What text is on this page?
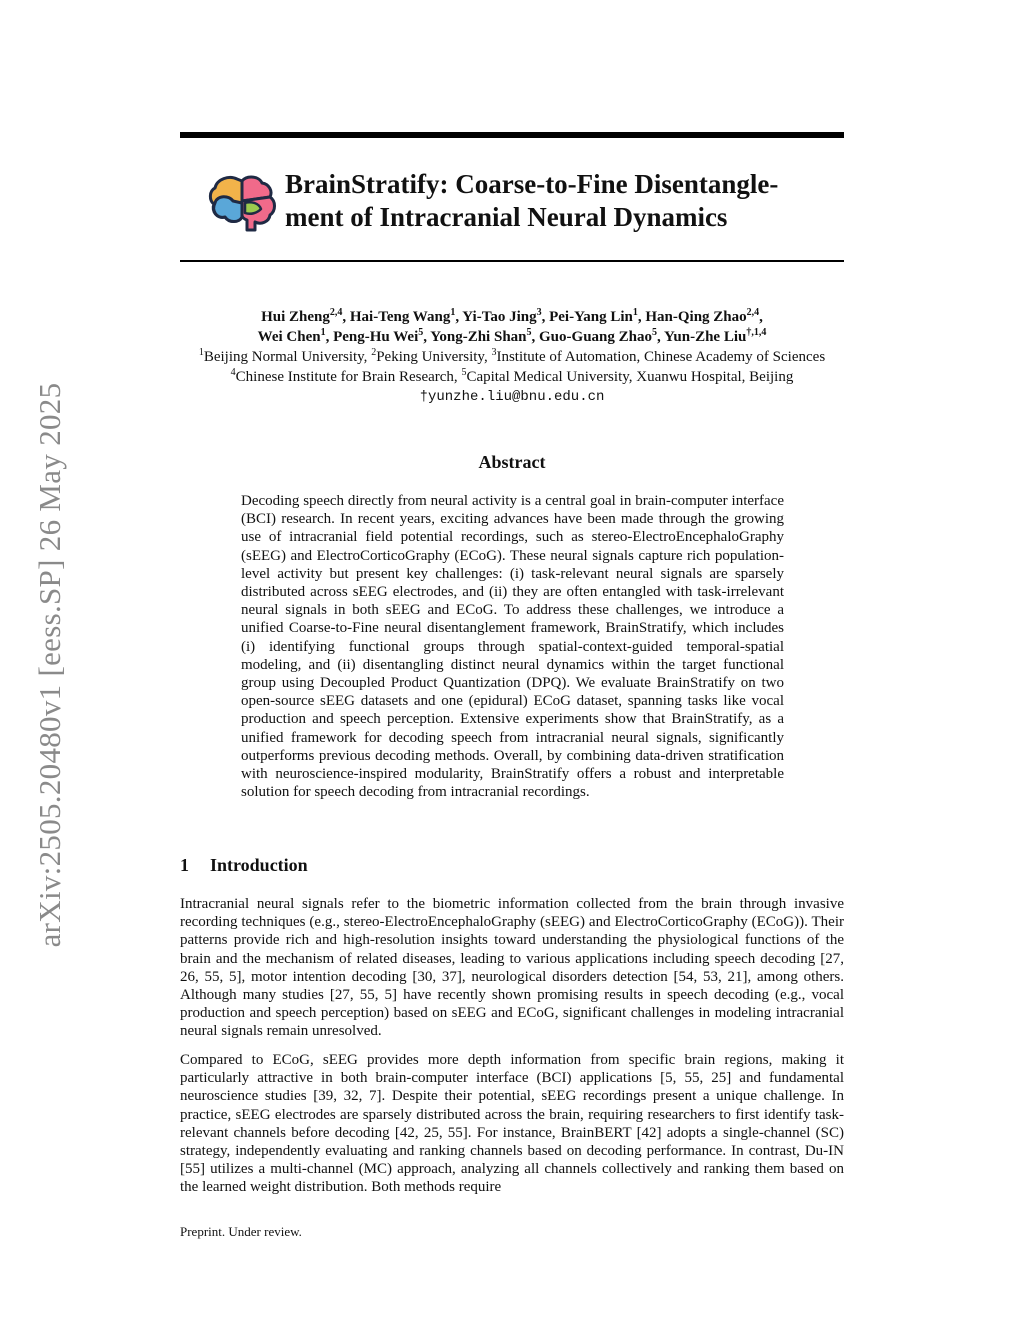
arXiv:2505.20480v1 [eess.SP] 26 May 2025
BrainStratify: Coarse-to-Fine Disentangle-
ment of Intracranial Neural Dynamics
Hui Zheng$^{2,4}$, Hai-Teng Wang$^1$, Yi-Tao Jing$^3$, Pei-Yang Lin$^1$, Han-Qing Zhao$^{2,4}$,
Wei Chen$^1$, Peng-Hu Wei$^5$, Yong-Zhi Shan$^5$, Guo-Guang Zhao$^5$, Yun-Zhe Liu$^{\dagger,1,4}$
$^1$Beijing Normal University, $^2$Peking University, $^3$Institute of Automation, Chinese Academy of Sciences
$^4$Chinese Institute for Brain Research, $^5$Capital Medical University, Xuanwu Hospital, Beijing
†yunzhe.liu@bnu.edu.cn
Abstract
Decoding speech directly from neural activity is a central goal in brain-computer interface (BCI) research. In recent years, exciting advances have been made through the growing use of intracranial field potential recordings, such as stereo-ElectroEncephaloGraphy (sEEG) and ElectroCorticoGraphy (ECoG). These neural signals capture rich population-level activity but present key challenges: (i) task-relevant neural signals are sparsely distributed across sEEG electrodes, and (ii) they are often entangled with task-irrelevant neural signals in both sEEG and ECoG. To address these challenges, we introduce a unified Coarse-to-Fine neural disentanglement framework, BrainStratify, which includes (i) identifying functional groups through spatial-context-guided temporal-spatial modeling, and (ii) disentangling distinct neural dynamics within the target functional group using Decoupled Product Quantization (DPQ). We evaluate BrainStratify on two open-source sEEG datasets and one (epidural) ECoG dataset, spanning tasks like vocal production and speech perception. Extensive experiments show that BrainStratify, as a unified framework for decoding speech from intracranial neural signals, significantly outperforms previous decoding methods. Overall, by combining data-driven stratification with neuroscience-inspired modularity, BrainStratify offers a robust and interpretable solution for speech decoding from intracranial recordings.
1 Introduction
Intracranial neural signals refer to the biometric information collected from the brain through invasive recording techniques (e.g., stereo-ElectroEncephaloGraphy (sEEG) and ElectroCorticoGraphy (ECoG)). Their patterns provide rich and high-resolution insights toward understanding the physiological functions of the brain and the mechanism of related diseases, leading to various applications including speech decoding [27, 26, 55, 5], motor intention decoding [30, 37], neurological disorders detection [54, 53, 21], among others. Although many studies [27, 55, 5] have recently shown promising results in speech decoding (e.g., vocal production and speech perception) based on sEEG and ECoG, significant challenges in modeling intracranial neural signals remain unresolved.
Compared to ECoG, sEEG provides more depth information from specific brain regions, making it particularly attractive in both brain-computer interface (BCI) applications [5, 55, 25] and fundamental neuroscience studies [39, 32, 7]. Despite their potential, sEEG recordings present a unique challenge. In practice, sEEG electrodes are sparsely distributed across the brain, requiring researchers to first identify task-relevant channels before decoding [42, 25, 55]. For instance, BrainBERT [42] adopts a single-channel (SC) strategy, independently evaluating and ranking channels based on decoding performance. In contrast, Du-IN [55] utilizes a multi-channel (MC) approach, analyzing all channels collectively and ranking them based on the learned weight distribution. Both methods require
Preprint. Under review.
